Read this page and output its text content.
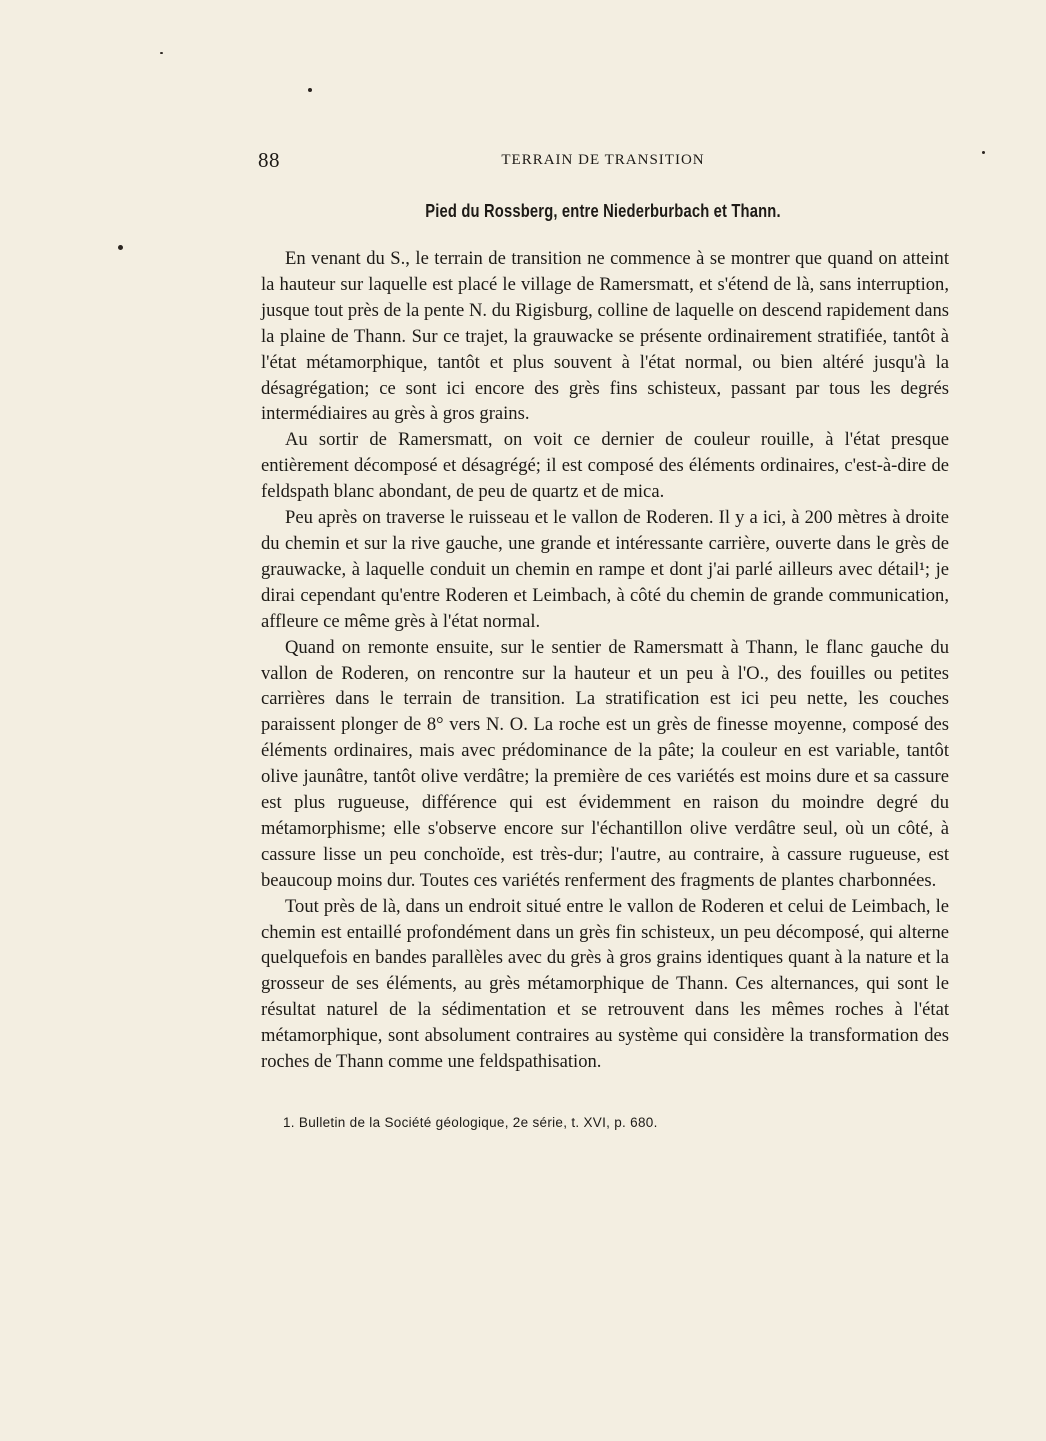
88	TERRAIN DE TRANSITION
Pied du Rossberg, entre Niederburbach et Thann.

En venant du S., le terrain de transition ne commence à se montrer que quand on atteint la hauteur sur laquelle est placé le village de Ramersmatt, et s'étend de là, sans interruption, jusque tout près de la pente N. du Rigisburg, colline de laquelle on descend rapidement dans la plaine de Thann. Sur ce trajet, la grauwacke se présente ordinairement stratifiée, tantôt à l'état métamorphique, tantôt et plus souvent à l'état normal, ou bien altéré jusqu'à la désagrégation; ce sont ici encore des grès fins schisteux, passant par tous les degrés intermédiaires au grès à gros grains.

Au sortir de Ramersmatt, on voit ce dernier de couleur rouille, à l'état presque entièrement décomposé et désagrégé; il est composé des éléments ordinaires, c'est-à-dire de feldspath blanc abondant, de peu de quartz et de mica.

Peu après on traverse le ruisseau et le vallon de Roderen. Il y a ici, à 200 mètres à droite du chemin et sur la rive gauche, une grande et intéressante carrière, ouverte dans le grès de grauwacke, à laquelle conduit un chemin en rampe et dont j'ai parlé ailleurs avec détail¹; je dirai cependant qu'entre Roderen et Leimbach, à côté du chemin de grande communication, affleure ce même grès à l'état normal.

Quand on remonte ensuite, sur le sentier de Ramersmatt à Thann, le flanc gauche du vallon de Roderen, on rencontre sur la hauteur et un peu à l'O., des fouilles ou petites carrières dans le terrain de transition. La stratification est ici peu nette, les couches paraissent plonger de 8° vers N. O. La roche est un grès de finesse moyenne, composé des éléments ordinaires, mais avec prédominance de la pâte; la couleur en est variable, tantôt olive jaunâtre, tantôt olive verdâtre; la première de ces variétés est moins dure et sa cassure est plus rugueuse, différence qui est évidemment en raison du moindre degré du métamorphisme; elle s'observe encore sur l'échantillon olive verdâtre seul, où un côté, à cassure lisse un peu conchoïde, est très-dur; l'autre, au contraire, à cassure rugueuse, est beaucoup moins dur. Toutes ces variétés renferment des fragments de plantes charbonnées.

Tout près de là, dans un endroit situé entre le vallon de Roderen et celui de Leimbach, le chemin est entaillé profondément dans un grès fin schisteux, un peu décomposé, qui alterne quelquefois en bandes parallèles avec du grès à gros grains identiques quant à la nature et la grosseur de ses éléments, au grès métamorphique de Thann. Ces alternances, qui sont le résultat naturel de la sédimentation et se retrouvent dans les mêmes roches à l'état métamorphique, sont absolument contraires au système qui considère la transformation des roches de Thann comme une feldspathisation.

1. Bulletin de la Société géologique, 2e série, t. XVI, p. 680.
